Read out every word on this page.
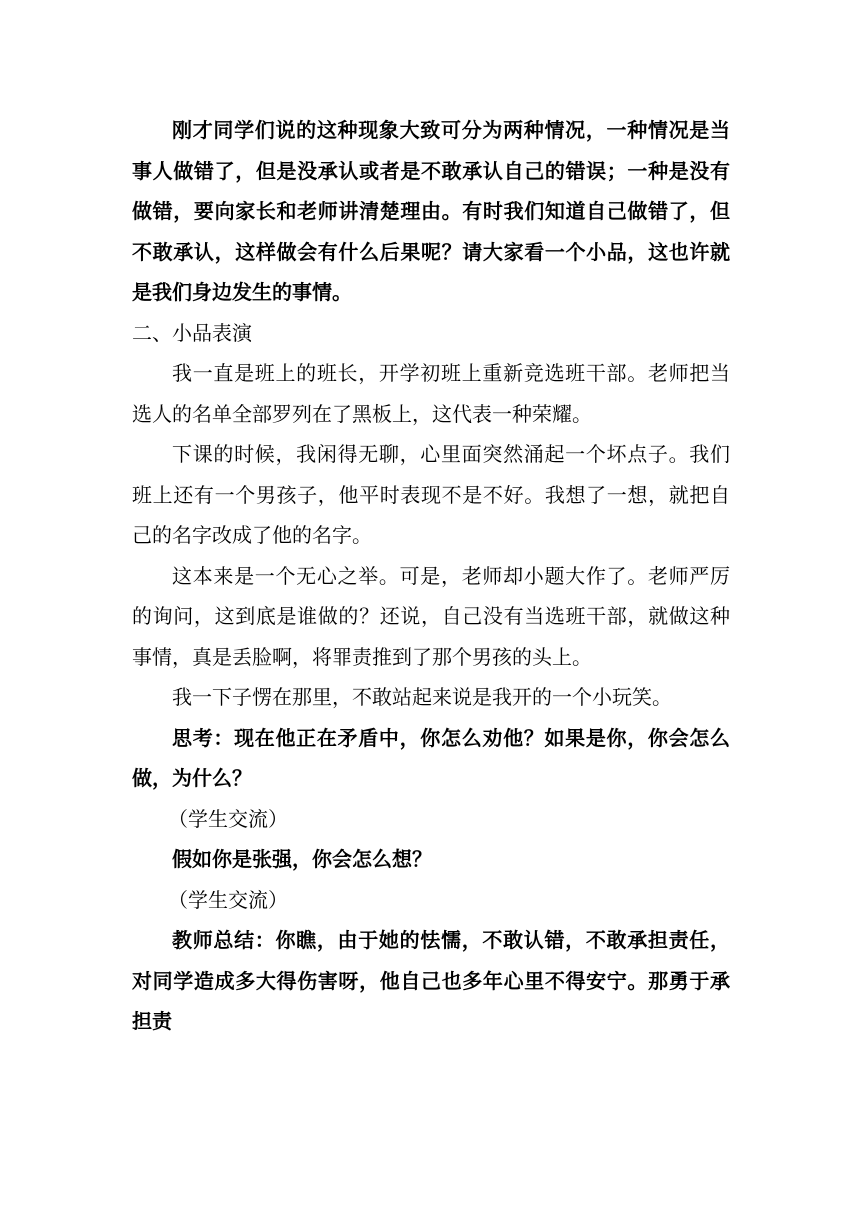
刚才同学们说的这种现象大致可分为两种情况，一种情况是当事人做错了，但是没承认或者是不敢承认自己的错误；一种是没有做错，要向家长和老师讲清楚理由。有时我们知道自己做错了，但不敢承认，这样做会有什么后果呢？请大家看一个小品，这也许就是我们身边发生的事情。

二、小品表演

我一直是班上的班长，开学初班上重新竞选班干部。老师把当选人的名单全部罗列在了黑板上，这代表一种荣耀。

下课的时候，我闲得无聊，心里面突然涌起一个坏点子。我们班上还有一个男孩子，他平时表现不是不好。我想了一想，就把自己的名字改成了他的名字。

这本来是一个无心之举。可是，老师却小题大作了。老师严厉的询问，这到底是谁做的？还说，自己没有当选班干部，就做这种事情，真是丢脸啊，将罪责推到了那个男孩的头上。

我一下子愣在那里，不敢站起来说是我开的一个小玩笑。

思考：现在他正在矛盾中，你怎么劝他？如果是你，你会怎么做，为什么？

（学生交流）

假如你是张强，你会怎么想？

（学生交流）

教师总结：你瞧，由于她的怯懦，不敢认错，不敢承担责任，对同学造成多大得伤害呀，他自己也多年心里不得安宁。那勇于承担责
